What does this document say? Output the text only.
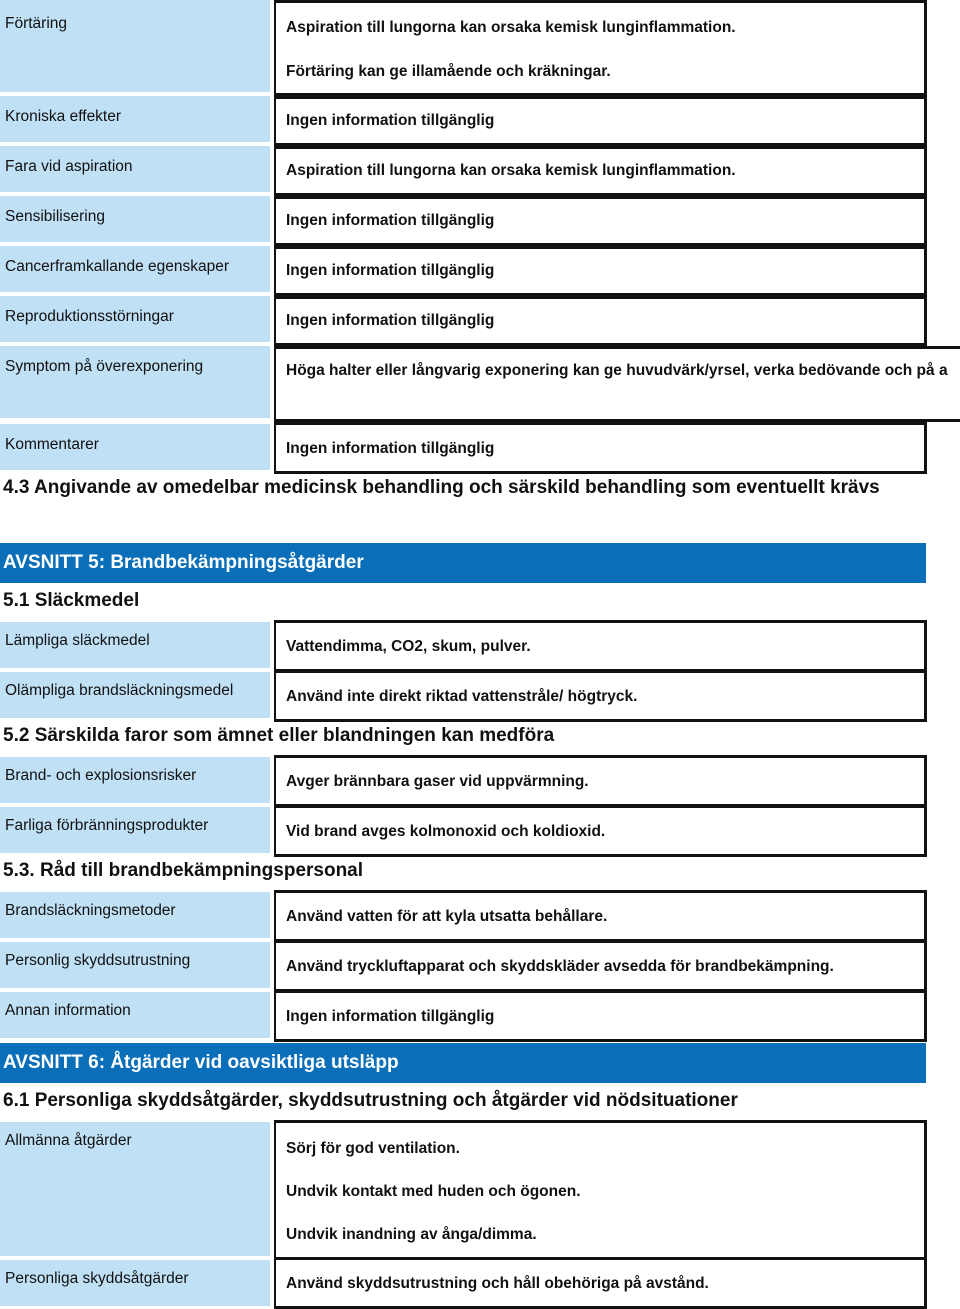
Förtäring	Aspiration till lungorna kan orsaka kemisk lunginflammation.
Förtäring kan ge illamående och kräkningar.
Kroniska effekter	Ingen information tillgänglig
Fara vid aspiration	Aspiration till lungorna kan orsaka kemisk lunginflammation.
Sensibilisering	Ingen information tillgänglig
Cancerframkallande egenskaper	Ingen information tillgänglig
Reproduktionsstörningar	Ingen information tillgänglig
Symptom på överexponering	Höga halter eller långvarig exponering kan ge huvudvärk/yrsel, verka bedövande och på a
Kommentarer	Ingen information tillgänglig
4.3 Angivande av omedelbar medicinsk behandling och särskild behandling som eventuellt krävs
AVSNITT 5: Brandbekämpningsåtgärder
5.1 Släckmedel
Lämpliga släckmedel	Vattendimma, CO2, skum, pulver.
Olämpliga brandsläckningsmedel	Använd inte direkt riktad vattenstråle/ högtryck.
5.2 Särskilda faror som ämnet eller blandningen kan medföra
Brand- och explosionsrisker	Avger brännbara gaser vid uppvärmning.
Farliga förbränningsprodukter	Vid brand avges kolmonoxid och koldioxid.
5.3. Råd till brandbekämpningspersonal
Brandsläckningsmetoder	Använd vatten för att kyla utsatta behållare.
Personlig skyddsutrustning	Använd tryckluftapparat och skyddskläder avsedda för brandbekämpning.
Annan information	Ingen information tillgänglig
AVSNITT 6: Åtgärder vid oavsiktliga utsläpp
6.1 Personliga skyddsåtgärder, skyddsutrustning och åtgärder vid nödsituationer
Allmänna åtgärder	Sörj för god ventilation.
Undvik kontakt med huden och ögonen.
Undvik inandning av ånga/dimma.
Personliga skyddsåtgärder	Använd skyddsutrustning och håll obehöriga på avstånd.
